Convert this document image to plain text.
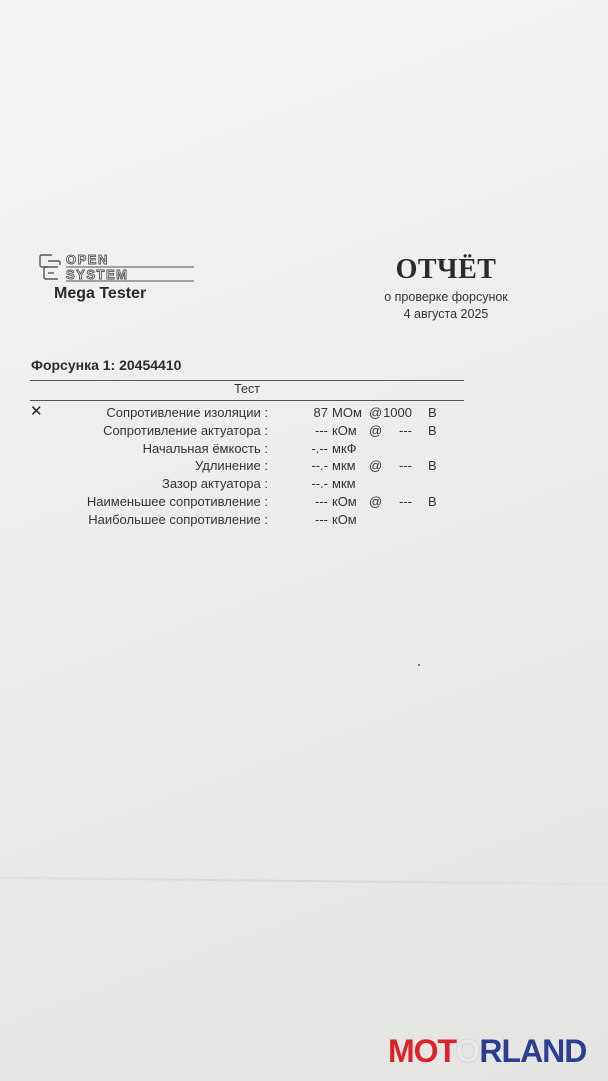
OPEN
SYSTEM
Mega Tester
ОТЧЁТ
о проверке форсунок
4 августа 2025
Форсунка 1: 20454410
Тест
✕	Сопротивление изоляции :	87 МОм @ 1000 В
Сопротивление актуатора :	--- кОм @ --- В
Начальная ёмкость :	-.-- мкФ
Удлинение :	--.- мкм @ --- В
Зазор актуатора :	--.- мкм
Наименьшее сопротивление :	--- кОм @ --- В
Наибольшее сопротивление :	--- кОм
MOTORLAND
